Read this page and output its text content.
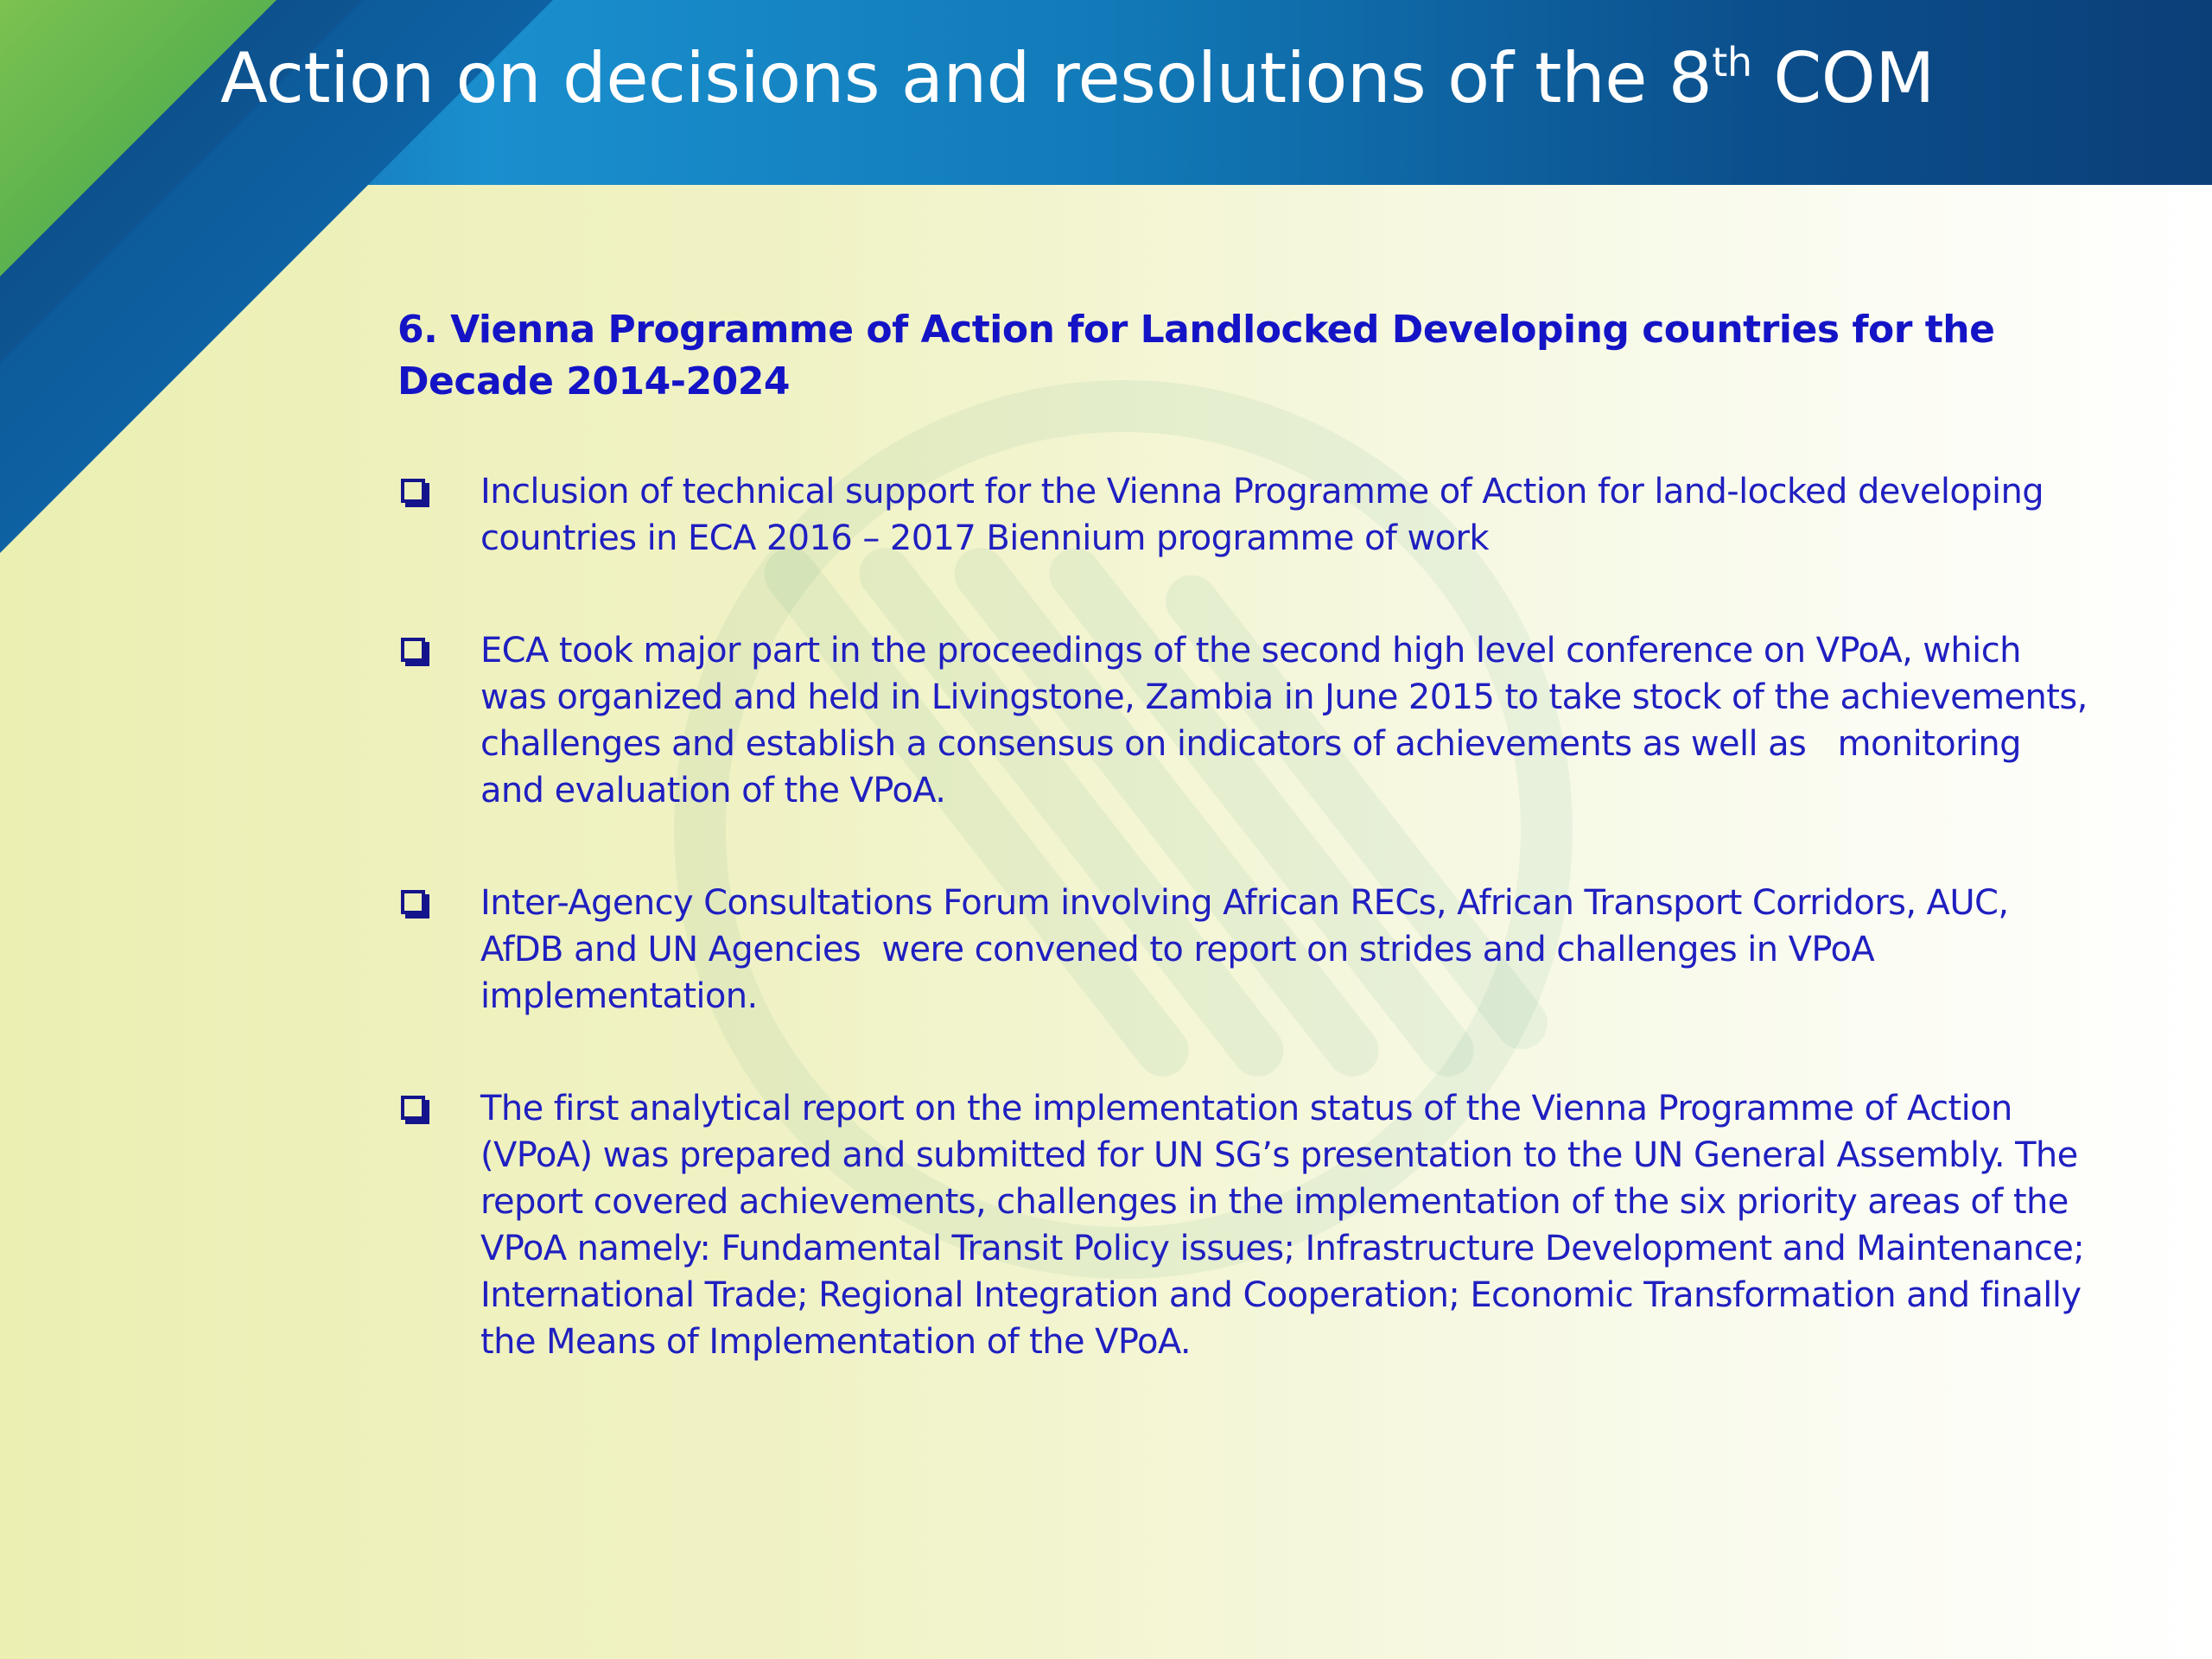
Action on decisions and resolutions of the 8th COM
6. Vienna Programme of Action for Landlocked Developing countries for the Decade 2014-2024
Inclusion of technical support for the Vienna Programme of Action for land-locked developing countries in ECA 2016 – 2017 Biennium programme of work
ECA took major part in the proceedings of the second high level conference on VPoA, which was organized and held in Livingstone, Zambia in June 2015 to take stock of the achievements, challenges and establish a consensus on indicators of achievements as well as   monitoring and evaluation of the VPoA.
Inter-Agency Consultations Forum involving African RECs, African Transport Corridors, AUC, AfDB and UN Agencies  were convened to report on strides and challenges in VPoA implementation.
The first analytical report on the implementation status of the Vienna Programme of Action (VPoA) was prepared and submitted for UN SG’s presentation to the UN General Assembly. The report covered achievements, challenges in the implementation of the six priority areas of the VPoA namely: Fundamental Transit Policy issues; Infrastructure Development and Maintenance; International Trade; Regional Integration and Cooperation; Economic Transformation and finally the Means of Implementation of the VPoA.
